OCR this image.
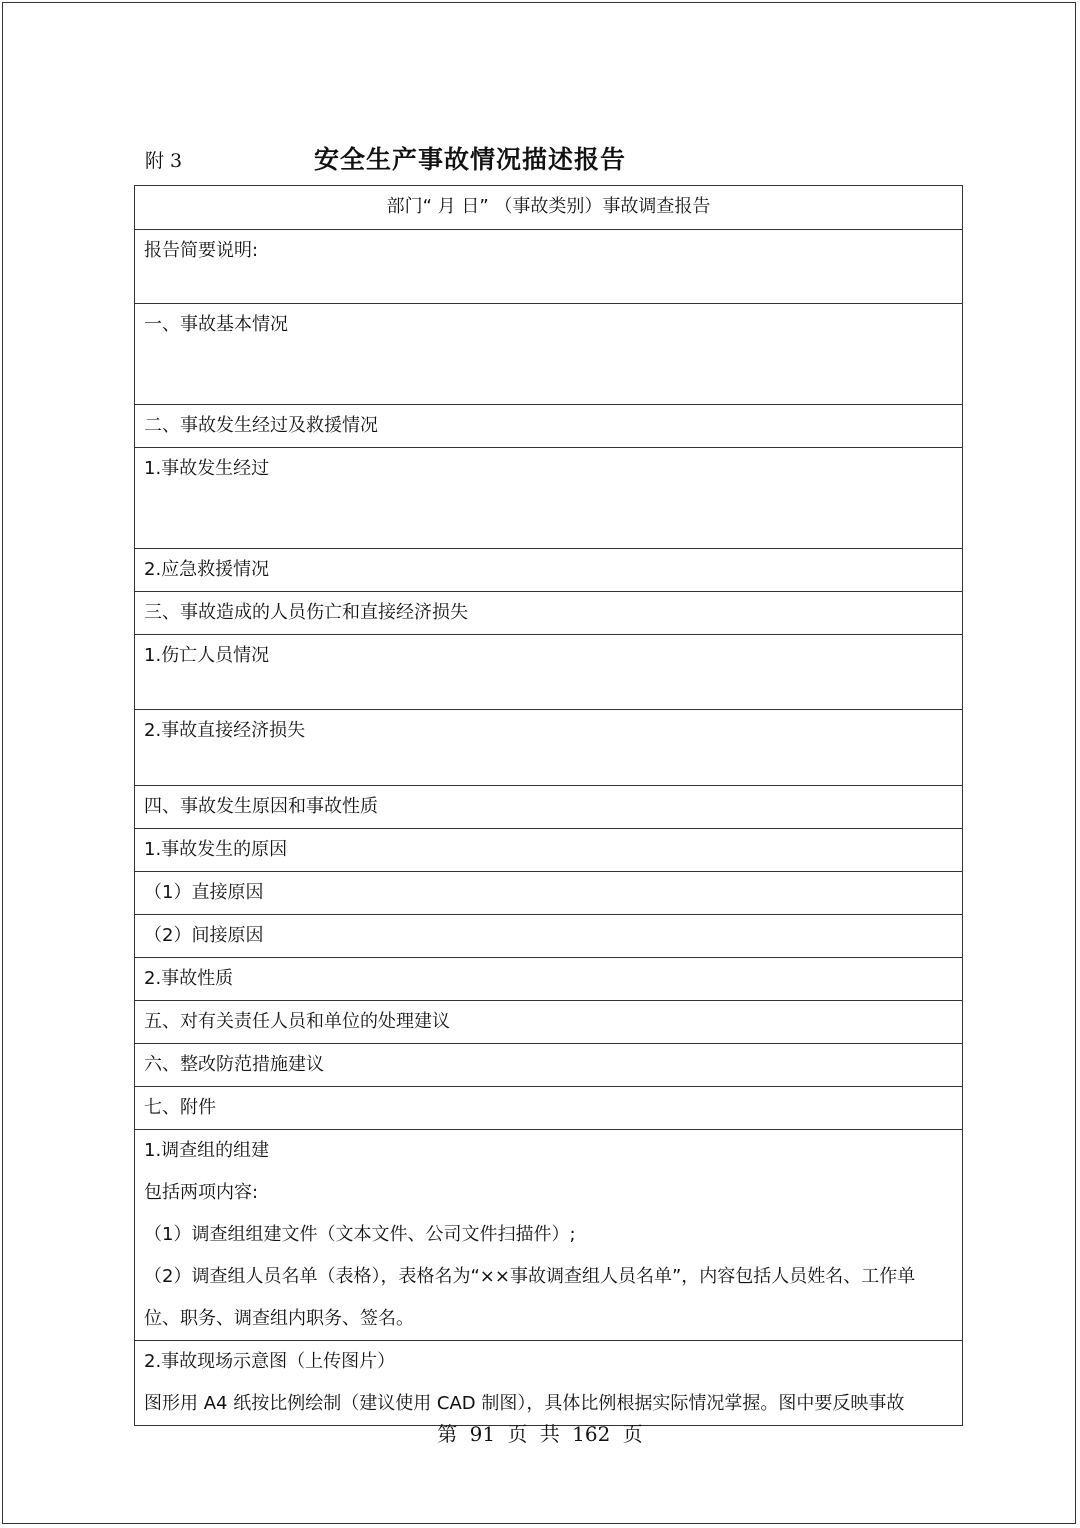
附 3	安全生产事故情况描述报告
部门“ 月 日” （事故类别）事故调查报告

报告简要说明:

一、事故基本情况

二、事故发生经过及救援情况

1.事故发生经过

2.应急救援情况

三、事故造成的人员伤亡和直接经济损失

1.伤亡人员情况

2.事故直接经济损失

四、事故发生原因和事故性质

1.事故发生的原因

（1）直接原因

（2）间接原因

2.事故性质

五、对有关责任人员和单位的处理建议

六、整改防范措施建议

七、附件

1.调查组的组建
包括两项内容:
（1）调查组组建文件（文本文件、公司文件扫描件）;
（2）调查组人员名单（表格），表格名为“××事故调查组人员名单”，内容包括人员姓名、工作单
位、职务、调查组内职务、签名。

2.事故现场示意图（上传图片）
图形用 A4 纸按比例绘制（建议使用 CAD 制图），具体比例根据实际情况掌握。图中要反映事故
第 91 页 共 162 页
